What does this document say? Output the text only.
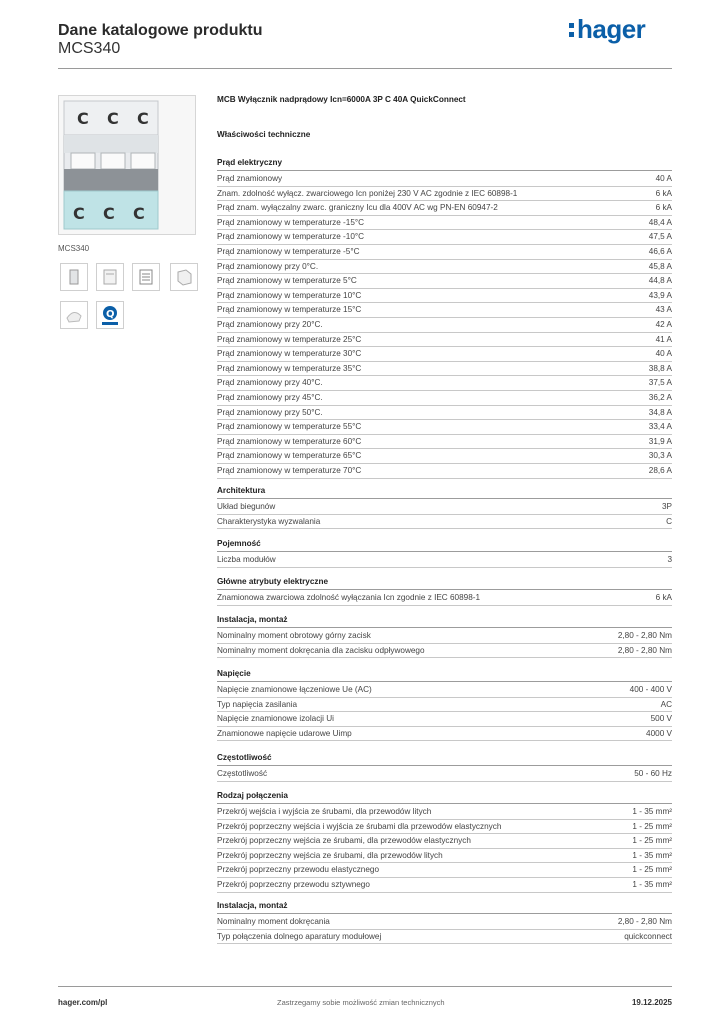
Dane katalogowe produktu
MCS340
hager
C C C
C C C
MCS340
Q
MCB Wyłącznik nadprądowy Icn=6000A 3P C 40A QuickConnect
Właściwości techniczne
Prąd elektryczny
Prąd znamionowy	40 A
Znam. zdolność wyłącz. zwarciowego Icn poniżej 230 V AC zgodnie z IEC 60898-1	6 kA
Prąd znam. wyłączalny zwarc. graniczny Icu dla 400V AC wg PN-EN 60947-2	6 kA
Prąd znamionowy w temperaturze -15°C	48,4 A
Prąd znamionowy w temperaturze -10°C	47,5 A
Prąd znamionowy w temperaturze -5°C	46,6 A
Prąd znamionowy przy 0°C.	45,8 A
Prąd znamionowy w temperaturze 5°C	44,8 A
Prąd znamionowy w temperaturze 10°C	43,9 A
Prąd znamionowy w temperaturze 15°C	43 A
Prąd znamionowy przy 20°C.	42 A
Prąd znamionowy w temperaturze 25°C	41 A
Prąd znamionowy w temperaturze 30°C	40 A
Prąd znamionowy w temperaturze 35°C	38,8 A
Prąd znamionowy przy 40°C.	37,5 A
Prąd znamionowy przy 45°C.	36,2 A
Prąd znamionowy przy 50°C.	34,8 A
Prąd znamionowy w temperaturze 55°C	33,4 A
Prąd znamionowy w temperaturze 60°C	31,9 A
Prąd znamionowy w temperaturze 65°C	30,3 A
Prąd znamionowy w temperaturze 70°C	28,6 A
Architektura
Układ biegunów	3P
Charakterystyka wyzwalania	C
Pojemność
Liczba modułów	3
Główne atrybuty elektryczne
Znamionowa zwarciowa zdolność wyłączania Icn zgodnie z IEC 60898-1	6 kA
Instalacja, montaż
Nominalny moment obrotowy górny zacisk	2,80 - 2,80 Nm
Nominalny moment dokręcania dla zacisku odpływowego	2,80 - 2,80 Nm
Napięcie
Napięcie znamionowe łączeniowe Ue (AC)	400 - 400 V
Typ napięcia zasilania	AC
Napięcie znamionowe izolacji Ui	500 V
Znamionowe napięcie udarowe Uimp	4000 V
Częstotliwość
Częstotliwość	50 - 60 Hz
Rodzaj połączenia
Przekrój wejścia i wyjścia ze śrubami, dla przewodów litych	1 - 35 mm²
Przekrój poprzeczny wejścia i wyjścia ze śrubami dla przewodów elastycznych	1 - 25 mm²
Przekrój poprzeczny wejścia ze śrubami, dla przewodów elastycznych	1 - 25 mm²
Przekrój poprzeczny wejścia ze śrubami, dla przewodów litych	1 - 35 mm²
Przekrój poprzeczny przewodu elastycznego	1 - 25 mm²
Przekrój poprzeczny przewodu sztywnego	1 - 35 mm²
Instalacja, montaż
Nominalny moment dokręcania	2,80 - 2,80 Nm
Typ połączenia dolnego aparatury modułowej	quickconnect
hager.com/pl	Zastrzegamy sobie możliwość zmian technicznych	19.12.2025
